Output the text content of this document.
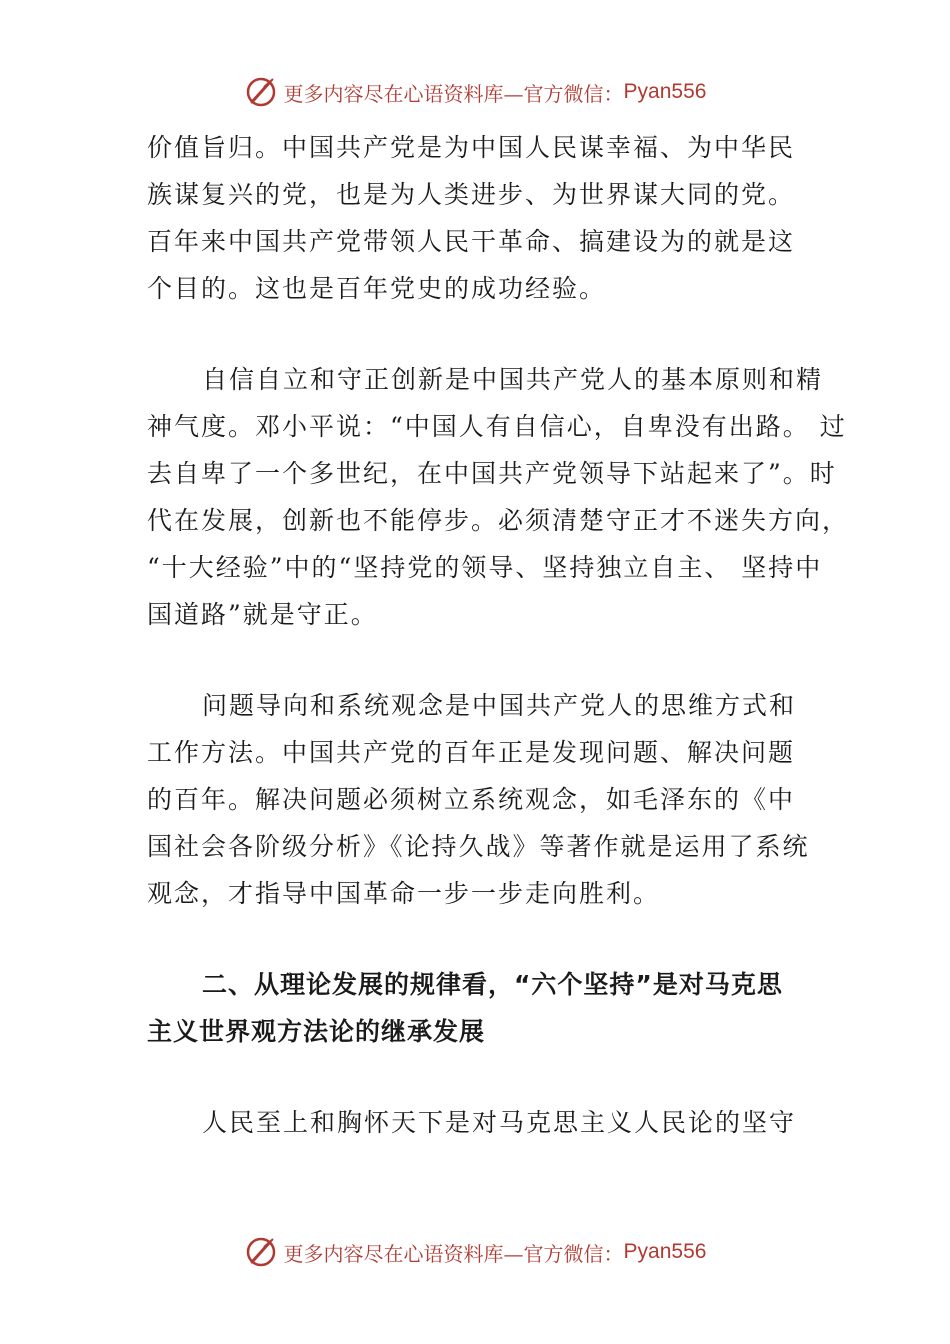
更多内容尽在心语资料库—官方微信： Pyan556

价值旨归。中国共产党是为中国人民谋幸福、为中华民
族谋复兴的党，也是为人类进步、为世界谋大同的党。
百年来中国共产党带领人民干革命、搞建设为的就是这
个目的。这也是百年党史的成功经验。

自信自立和守正创新是中国共产党人的基本原则和精
神气度。邓小平说：“中国人有自信心，自卑没有出路。 过
去自卑了一个多世纪，在中国共产党领导下站起来了”。时
代在发展，创新也不能停步。必须清楚守正才不迷失方向，
“十大经验”中的“坚持党的领导、坚持独立自主、 坚持中
国道路”就是守正。

问题导向和系统观念是中国共产党人的思维方式和
工作方法。中国共产党的百年正是发现问题、解决问题
的百年。解决问题必须树立系统观念，如毛泽东的《中
国社会各阶级分析》《论持久战》等著作就是运用了系统
观念，才指导中国革命一步一步走向胜利。

二、从理论发展的规律看，“六个坚持”是对马克思
主义世界观方法论的继承发展

人民至上和胸怀天下是对马克思主义人民论的坚守

更多内容尽在心语资料库—官方微信： Pyan556
